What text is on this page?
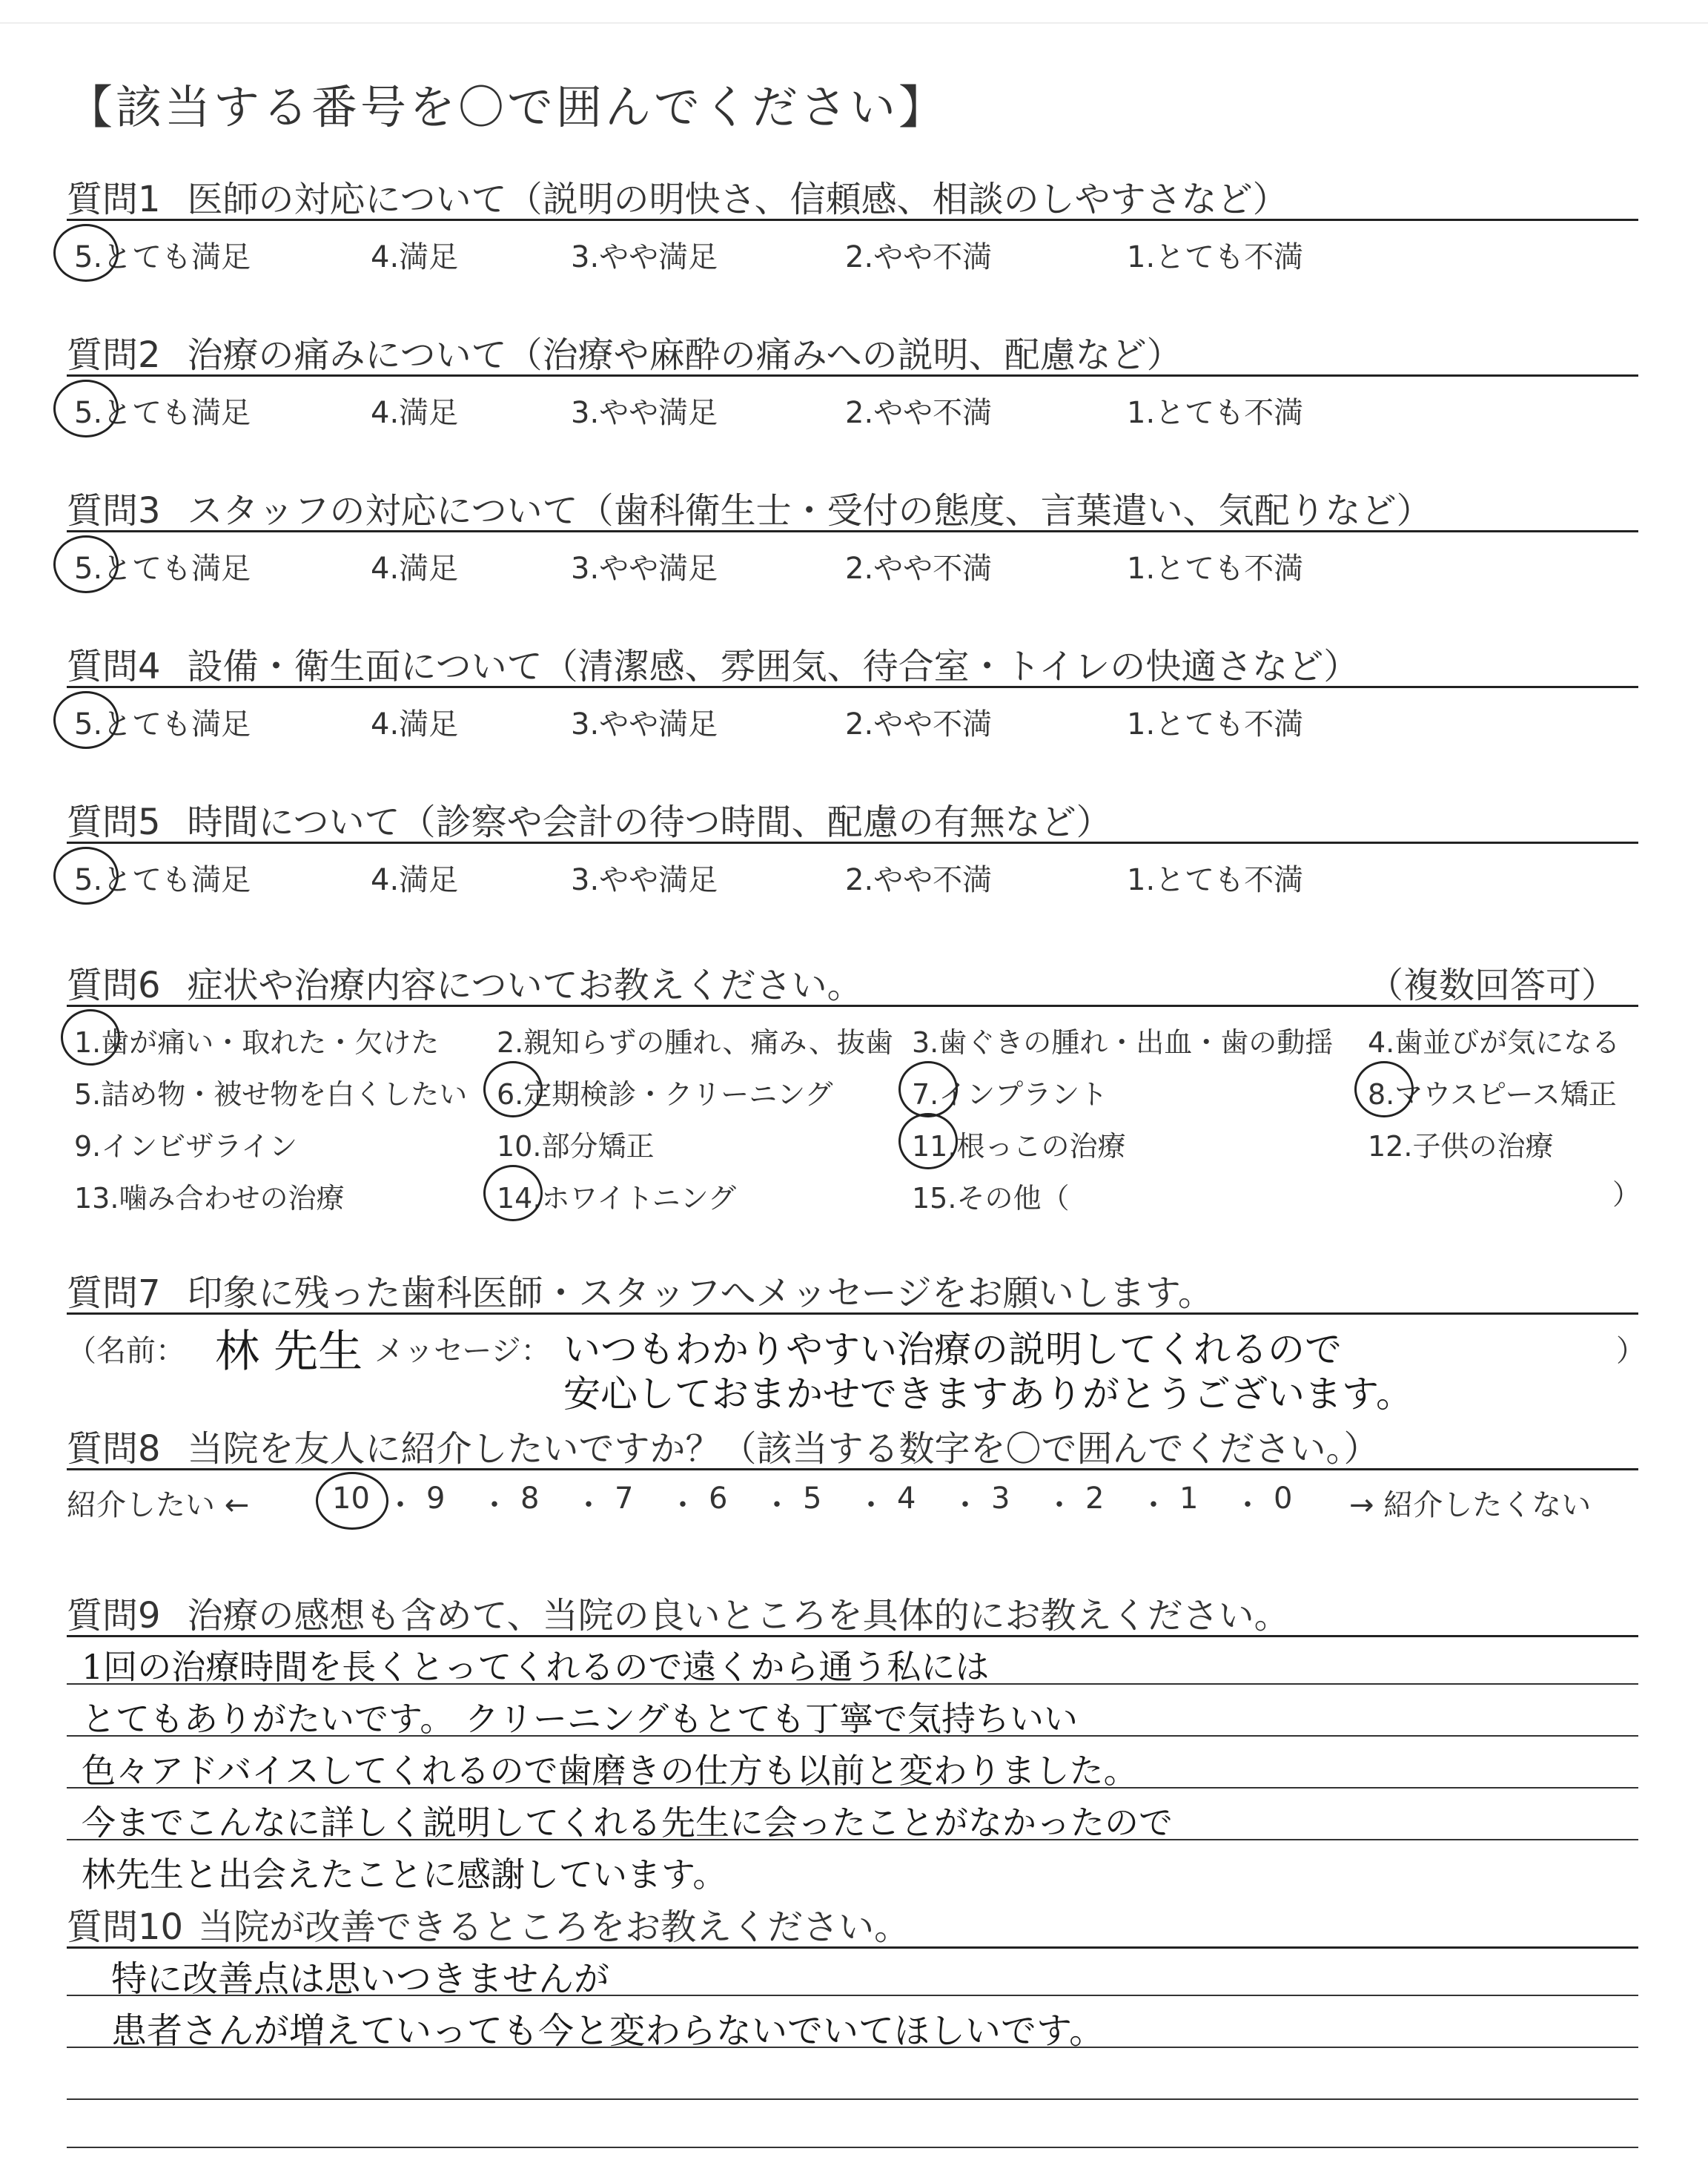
【該当する番号を〇で囲んでください】
質問1 医師の対応について（説明の明快さ、信頼感、相談のしやすさなど）
5.とても満足	4.満足	3.やや満足	2.やや不満	1.とても不満
質問2 治療の痛みについて（治療や麻酔の痛みへの説明、配慮など）
5.とても満足	4.満足	3.やや満足	2.やや不満	1.とても不満
質問3 スタッフの対応について（歯科衛生士・受付の態度、言葉遣い、気配りなど）
5.とても満足	4.満足	3.やや満足	2.やや不満	1.とても不満
質問4 設備・衛生面について（清潔感、雰囲気、待合室・トイレの快適さなど）
5.とても満足	4.満足	3.やや満足	2.やや不満	1.とても不満
質問5 時間について（診察や会計の待つ時間、配慮の有無など）
5.とても満足	4.満足	3.やや満足	2.やや不満	1.とても不満
質問6 症状や治療内容についてお教えください。	（複数回答可）
1.歯が痛い・取れた・欠けた 2.親知らずの腫れ、痛み、抜歯 3.歯ぐきの腫れ・出血・歯の動揺 4.歯並びが気になる
5.詰め物・被せ物を白くしたい 6.定期検診・クリーニング	7.インプラント	8.マウスピース矯正
9.インビザライン	10.部分矯正	11.根っこの治療	12.子供の治療
13.噛み合わせの治療	14.ホワイトニング	15.その他（	）
質問7 印象に残った歯科医師・スタッフへメッセージをお願いします。
（名前： 林 先生 メッセージ： いつもわかりやすい治療の説明してくれるので
安心しておまかせできますありがとうございます。
）
質問8 当院を友人に紹介したいですか？（該当する数字を〇で囲んでください。）
紹介したい ←	10 ・ 9 ・ 8 ・ 7 ・ 6 ・ 5 ・ 4 ・ 3 ・ 2 ・ 1 ・ 0 → 紹介したくない
質問9 治療の感想も含めて、当院の良いところを具体的にお教えください。
1回の治療時間を長くとってくれるので遠くから通う私には
とてもありがたいです。 クリーニングもとても丁寧で気持ちいい
色々アドバイスしてくれるので歯磨きの仕方も以前と変わりました。
今までこんなに詳しく説明してくれる先生に会ったことがなかったので
林先生と出会えたことに感謝しています。
質問10 当院が改善できるところをお教えください。
特に改善点は思いつきませんが
患者さんが増えていっても今と変わらないでいてほしいです。
